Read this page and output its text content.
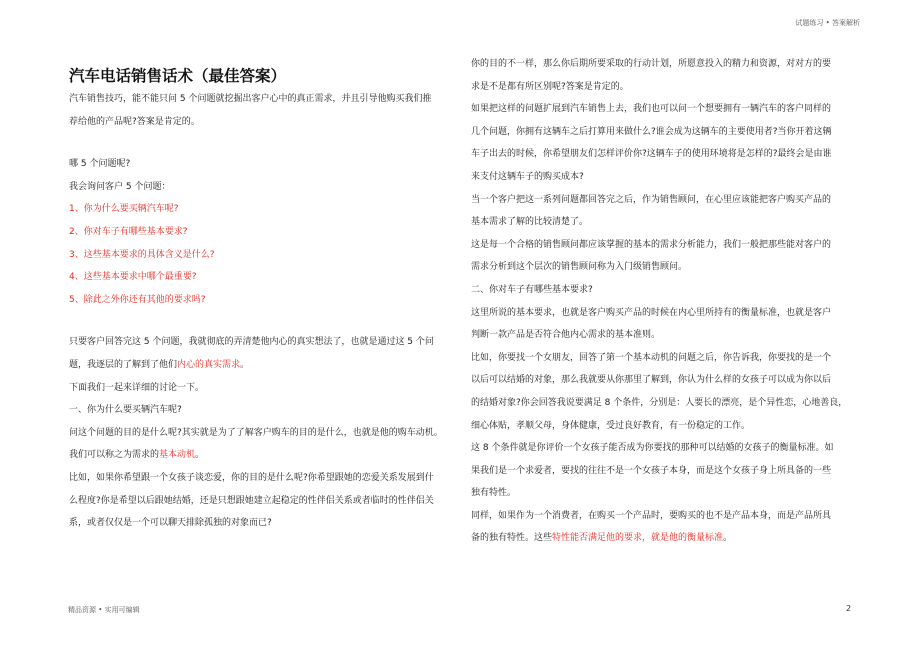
试题练习 • 答案解析
汽车电话销售话术（最佳答案）

汽车销售技巧，能不能只问 5 个问题就挖掘出客户心中的真正需求，并且引导他购买我们推

荐给他的产品呢?答案是肯定的。

哪 5 个问题呢?

我会询问客户 5 个问题：

1、你为什么要买辆汽车呢?

2、你对车子有哪些基本要求?

3、这些基本要求的具体含义是什么?

4、这些基本要求中哪个最重要?

5、除此之外你还有其他的要求吗?

只要客户回答完这 5 个问题，我就彻底的弄清楚他内心的真实想法了，也就是通过这 5 个问

题，我逐层的了解到了他们内心的真实需求。

下面我们一起来详细的讨论一下。

一、你为什么要买辆汽车呢?

问这个问题的目的是什么呢?其实就是为了了解客户购车的目的是什么，也就是他的购车动机。

我们可以称之为需求的基本动机。

比如，如果你希望跟一个女孩子谈恋爱，你的目的是什么呢?你希望跟她的恋爱关系发展到什

么程度?你是希望以后跟她结婚，还是只想跟她建立起稳定的性伴侣关系或者临时的性伴侣关

系，或者仅仅是一个可以聊天排除孤独的对象而已?

你的目的不一样，那么你后期所要采取的行动计划，所愿意投入的精力和资源，对对方的要

求是不是都有所区别呢?答案是肯定的。

如果把这样的问题扩展到汽车销售上去，我们也可以问一个想要拥有一辆汽车的客户同样的

几个问题，你拥有这辆车之后打算用来做什么?谁会成为这辆车的主要使用者?当你开着这辆

车子出去的时候，你希望朋友们怎样评价你?这辆车子的使用环境将是怎样的?最终会是由谁

来支付这辆车子的购买成本?

当一个客户把这一系列问题都回答完之后，作为销售顾问，在心里应该能把客户购买产品的

基本需求了解的比较清楚了。

这是每一个合格的销售顾问都应该掌握的基本的需求分析能力，我们一般把那些能对客户的

需求分析到这个层次的销售顾问称为入门级销售顾问。

二、你对车子有哪些基本要求?

这里所说的基本要求，也就是客户购买产品的时候在内心里所持有的衡量标准，也就是客户

判断一款产品是否符合他内心需求的基本准则。

比如，你要找一个女朋友，回答了第一个基本动机的问题之后，你告诉我，你要找的是一个

以后可以结婚的对象，那么我就要从你那里了解到，你认为什么样的女孩子可以成为你以后

的结婚对象?你会回答我说要满足 8 个条件，分别是：人要长的漂亮，是个异性恋，心地善良，

细心体贴，孝顺父母，身体健康，受过良好教育，有一份稳定的工作。

这 8 个条件就是你评价一个女孩子能否成为你要找的那种可以结婚的女孩子的衡量标准。如

果我们是一个求爱者，要找的往往不是一个女孩子本身，而是这个女孩子身上所具备的一些

独有特性。

同样，如果作为一个消费者，在购买一个产品时，要购买的也不是产品本身，而是产品所具

备的独有特性。这些特性能否满足他的要求，就是他的衡量标准。

精品资源 • 实用可编辑	2
